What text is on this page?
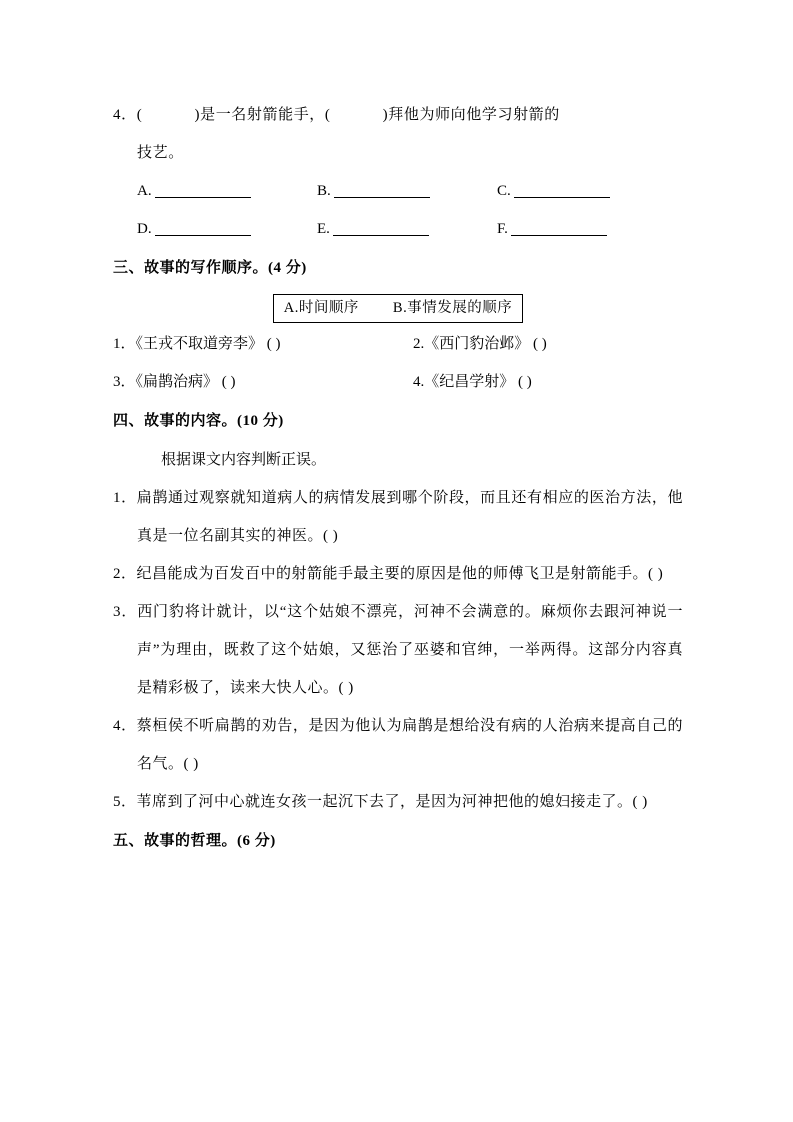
4．(            )是一名射箭能手，(            )拜他为师向他学习射箭的
技艺。
A.	B.	C.
D.	E.	F.
三、故事的写作顺序。(4 分)
A.时间顺序 B.事情发展的顺序
1．《王戎不取道旁李》 ( )	2.《西门豹治邺》 ( )
3．《扁鹊治病》 ( )	4.《纪昌学射》 ( )
四、故事的内容。(10 分)
根据课文内容判断正误。
1．扁鹊通过观察就知道病人的病情发展到哪个阶段，而且还有相应的医治方法，他真是一位名副其实的神医。( )
2．纪昌能成为百发百中的射箭能手最主要的原因是他的师傅飞卫是射箭能手。( )
3．西门豹将计就计，以“这个姑娘不漂亮，河神不会满意的。麻烦你去跟河神说一声”为理由，既救了这个姑娘，又惩治了巫婆和官绅，一举两得。这部分内容真是精彩极了，读来大快人心。( )
4．蔡桓侯不听扁鹊的劝告，是因为他认为扁鹊是想给没有病的人治病来提高自己的名气。( )
5．苇席到了河中心就连女孩一起沉下去了，是因为河神把他的媳妇接走了。( )
五、故事的哲理。(6 分)
